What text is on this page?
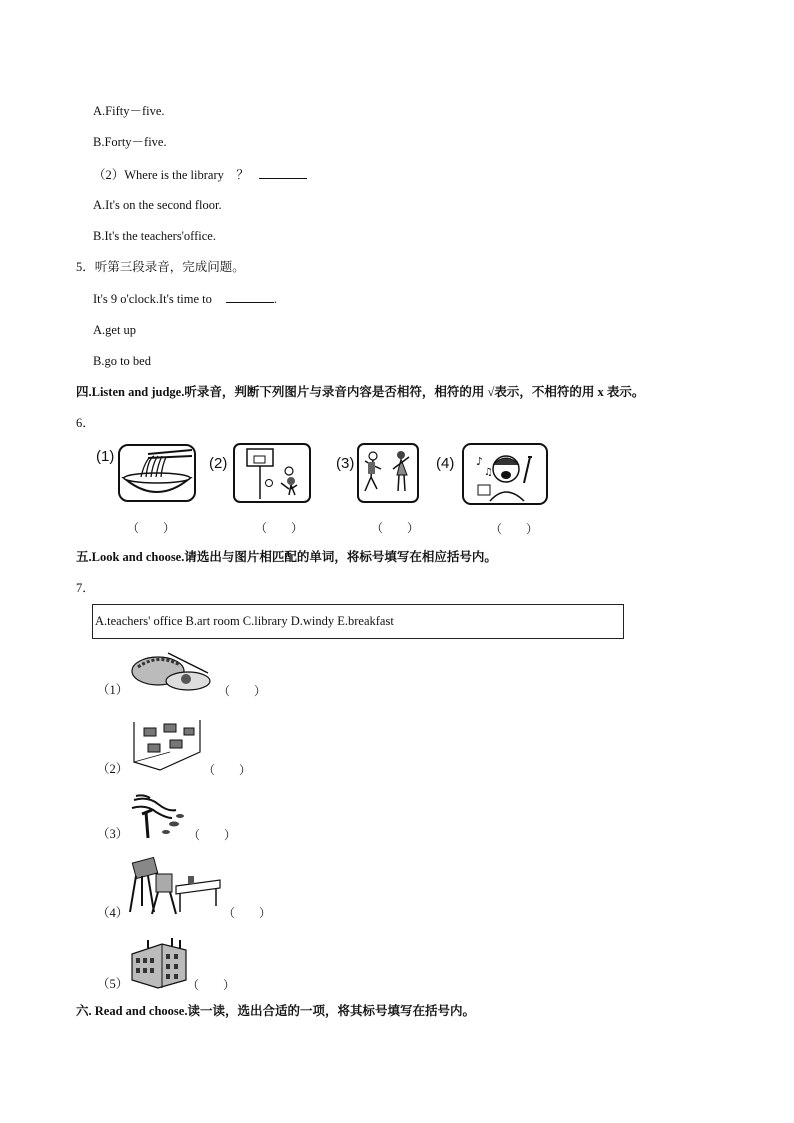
A.Fifty－five.
B.Forty－five.
（2）Where is the library　？
A.It's on the second floor.
B.It's the teachers'office.
5．听第三段录音，完成问题。
It's 9 o'clock.It's time to	.
A.get up
B.go to bed
四.Listen and judge.听录音，判断下列图片与录音内容是否相符，相符的用 √表示，不相符的用 x 表示。
6．
(1)	(2)	(3)	(4) ♪
♫
（　　）	（　　）	（　　）	（　　）
五.Look and choose.请选出与图片相匹配的单词，将标号填写在相应括号内。
7．
A.teachers' office B.art room C.library D.windy E.breakfast
（1）	（　　）
（2）	（　　）
（3）	（　　）
（4）	（　　）
（5）	（　　）
六. Read and choose.读一读，选出合适的一项，将其标号填写在括号内。
